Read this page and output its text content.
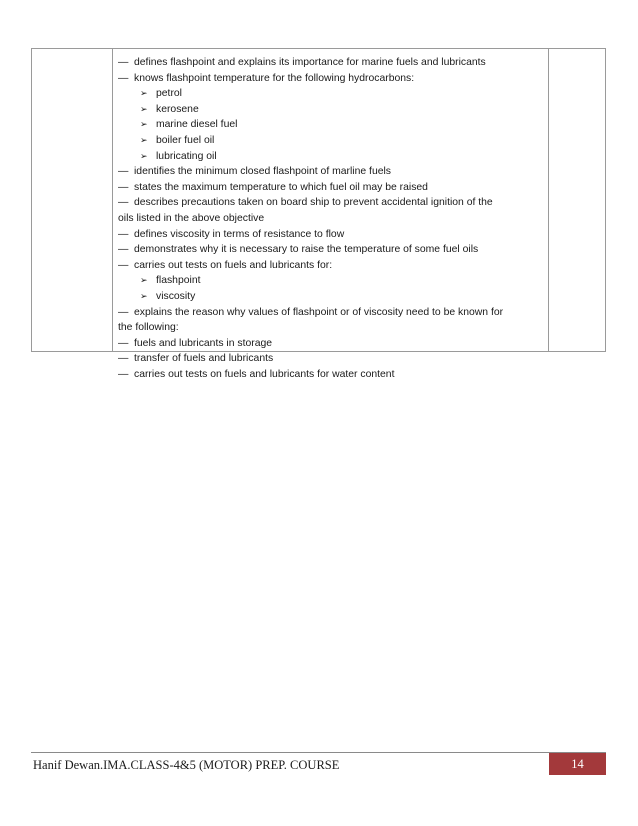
— defines flashpoint and explains its importance for marine fuels and lubricants
— knows flashpoint temperature for the following hydrocarbons:
➢ petrol
➢ kerosene
➢ marine diesel fuel
➢ boiler fuel oil
➢ lubricating oil
— identifies the minimum closed flashpoint of marline fuels
— states the maximum temperature to which fuel oil may be raised
— describes precautions taken on board ship to prevent accidental ignition of the
oils listed in the above objective
— defines viscosity in terms of resistance to flow
— demonstrates why it is necessary to raise the temperature of some fuel oils
— carries out tests on fuels and lubricants for:
➢ flashpoint
➢ viscosity
— explains the reason why values of flashpoint or of viscosity need to be known for
the following:
— fuels and lubricants in storage
— transfer of fuels and lubricants
— carries out tests on fuels and lubricants for water content
Hanif Dewan.IMA.CLASS-4&5 (MOTOR) PREP. COURSE	14
